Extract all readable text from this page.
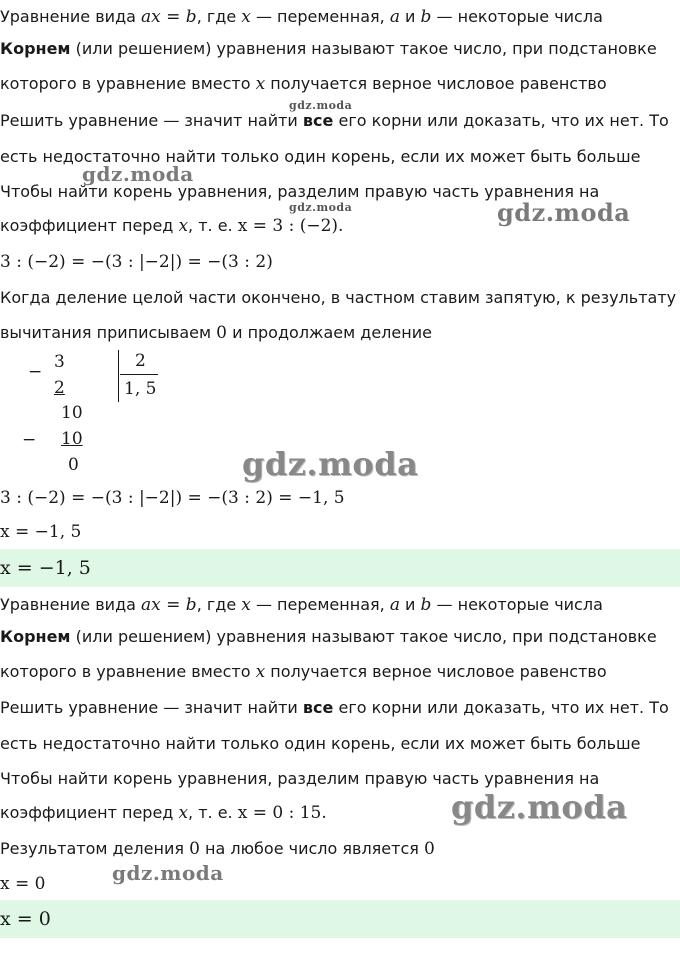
Уравнение вида ax = b, где x — переменная, a и b — некоторые числа
Корнем (или решением) уравнения называют такое число, при подстановке
которого в уравнение вместо x получается верное числовое равенство
Решить уравнение — значит найти все его корни или доказать, что их нет. То
есть недостаточно найти только один корень, если их может быть больше
Чтобы найти корень уравнения, разделим правую часть уравнения на
коэффициент перед x, т. е. x = 3 : (−2).
3 : (−2) = −(3 : |−2|) = −(3 : 2)
Когда деление целой части окончено, в частном ставим запятую, к результату
вычитания приписываем 0 и продолжаем деление
− 3
2
2
1, 5
10
− 10
0
3 : (−2) = −(3 : |−2|) = −(3 : 2) = −1, 5
x = −1, 5
x = −1, 5
Уравнение вида ax = b, где x — переменная, a и b — некоторые числа
Корнем (или решением) уравнения называют такое число, при подстановке
которого в уравнение вместо x получается верное числовое равенство
Решить уравнение — значит найти все его корни или доказать, что их нет. То
есть недостаточно найти только один корень, если их может быть больше
Чтобы найти корень уравнения, разделим правую часть уравнения на
коэффициент перед x, т. е. x = 0 : 15.
Результатом деления 0 на любое число является 0
x = 0
x = 0
gdz.moda
gdz.moda
gdz.moda	gdz.moda
gdz.moda
gdz.moda
gdz.moda
